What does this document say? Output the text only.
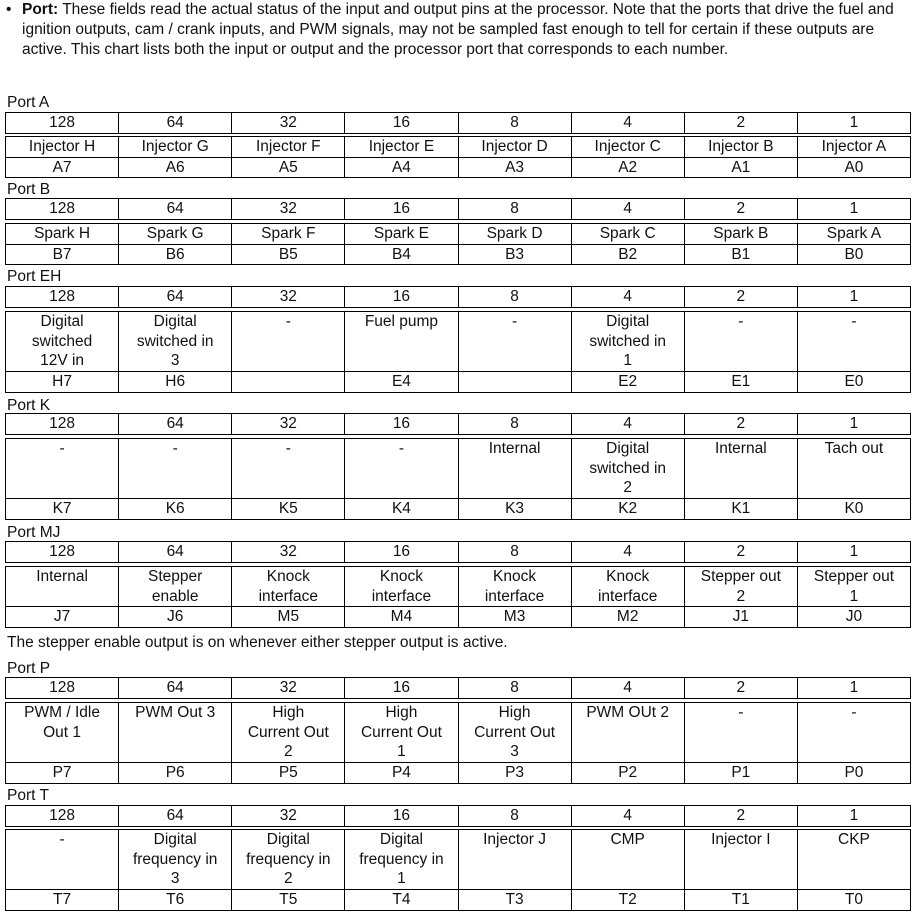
• Port: These fields read the actual status of the input and output pins at the processor. Note that the ports that drive the fuel and ignition outputs, cam / crank inputs, and PWM signals, may not be sampled fast enough to tell for certain if these outputs are active. This chart lists both the input or output and the processor port that corresponds to each number.
Port A
128	64	32	16	8	4	2	1
Injector H	Injector G	Injector F	Injector E	Injector D	Injector C	Injector B	Injector A
A7	A6	A5	A4	A3	A2	A1	A0
Port B
128	64	32	16	8	4	2	1
Spark H	Spark G	Spark F	Spark E	Spark D	Spark C	Spark B	Spark A
B7	B6	B5	B4	B3	B2	B1	B0
Port EH
128	64	32	16	8	4	2	1
Digital
switched
12V in	Digital
switched in
3	-	Fuel pump	-	Digital
switched in
1	-	-
H7	H6		E4		E2	E1	E0
Port K
128	64	32	16	8	4	2	1
-	-	-	-	Internal	Digital
switched in
2	Internal	Tach out
K7	K6	K5	K4	K3	K2	K1	K0
Port MJ
128	64	32	16	8	4	2	1
Internal	Stepper
enable	Knock
interface	Knock
interface	Knock
interface	Knock
interface	Stepper out
2	Stepper out
1
J7	J6	M5	M4	M3	M2	J1	J0
Port P
128	64	32	16	8	4	2	1
PWM / Idle
Out 1	PWM Out 3	High
Current Out
2	High
Current Out
1	High
Current Out
3	PWM OUt 2	-	-
P7	P6	P5	P4	P3	P2	P1	P0
Port T
128	64	32	16	8	4	2	1
-	Digital
frequency in
3	Digital
frequency in
2	Digital
frequency in
1	Injector J	CMP	Injector I	CKP
T7	T6	T5	T4	T3	T2	T1	T0
The stepper enable output is on whenever either stepper output is active.
